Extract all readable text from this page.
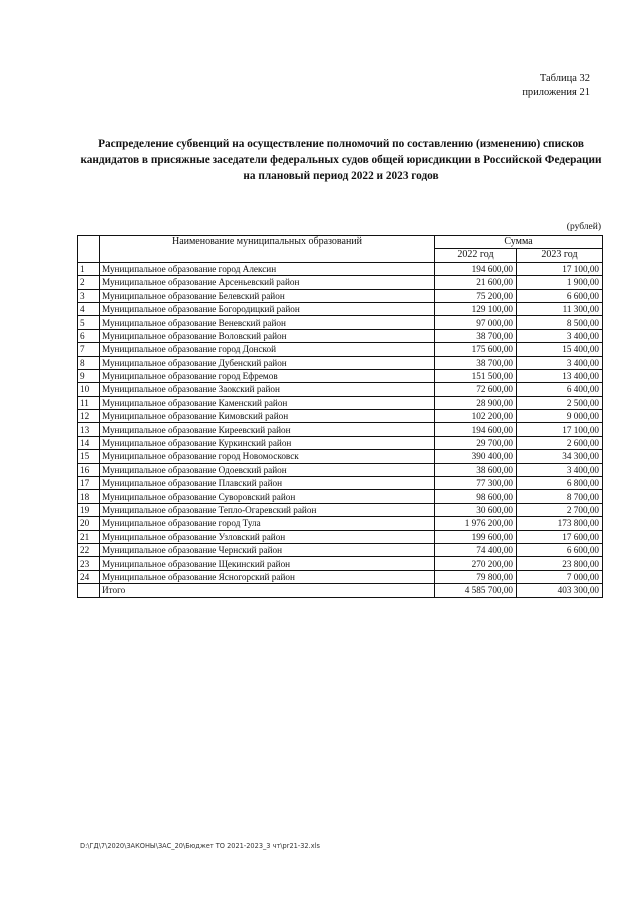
Таблица 32
приложения 21
Распределение субвенций на осуществление полномочий по составлению (изменению) списков кандидатов в присяжные заседатели федеральных судов общей юрисдикции в Российской Федерации на плановый период 2022 и 2023 годов
(рублей)
	Наименование муниципальных образований	Сумма	
		2022 год	2023 год
1	Муниципальное образование город Алексин	194 600,00	17 100,00
2	Муниципальное образование Арсеньевский район	21 600,00	1 900,00
3	Муниципальное образование Белевский район	75 200,00	6 600,00
4	Муниципальное образование Богородицкий район	129 100,00	11 300,00
5	Муниципальное образование Веневский район	97 000,00	8 500,00
6	Муниципальное образование Воловский район	38 700,00	3 400,00
7	Муниципальное образование город Донской	175 600,00	15 400,00
8	Муниципальное образование Дубенский район	38 700,00	3 400,00
9	Муниципальное образование город Ефремов	151 500,00	13 400,00
10	Муниципальное образование Заокский район	72 600,00	6 400,00
11	Муниципальное образование Каменский район	28 900,00	2 500,00
12	Муниципальное образование Кимовский район	102 200,00	9 000,00
13	Муниципальное образование Киреевский район	194 600,00	17 100,00
14	Муниципальное образование Куркинский район	29 700,00	2 600,00
15	Муниципальное образование город Новомосковск	390 400,00	34 300,00
16	Муниципальное образование Одоевский район	38 600,00	3 400,00
17	Муниципальное образование Плавский район	77 300,00	6 800,00
18	Муниципальное образование Суворовский район	98 600,00	8 700,00
19	Муниципальное образование Тепло-Огаревский район	30 600,00	2 700,00
20	Муниципальное образование город Тула	1 976 200,00	173 800,00
21	Муниципальное образование Узловский район	199 600,00	17 600,00
22	Муниципальное образование Чернский район	74 400,00	6 600,00
23	Муниципальное образование Щекинский район	270 200,00	23 800,00
24	Муниципальное образование Ясногорский район	79 800,00	7 000,00
	Итого	4 585 700,00	403 300,00
D:\ГД\7\2020\ЗАКОНЫ\ЗАС_20\Бюджет ТО 2021-2023_3 чт\pr21-32.xls
